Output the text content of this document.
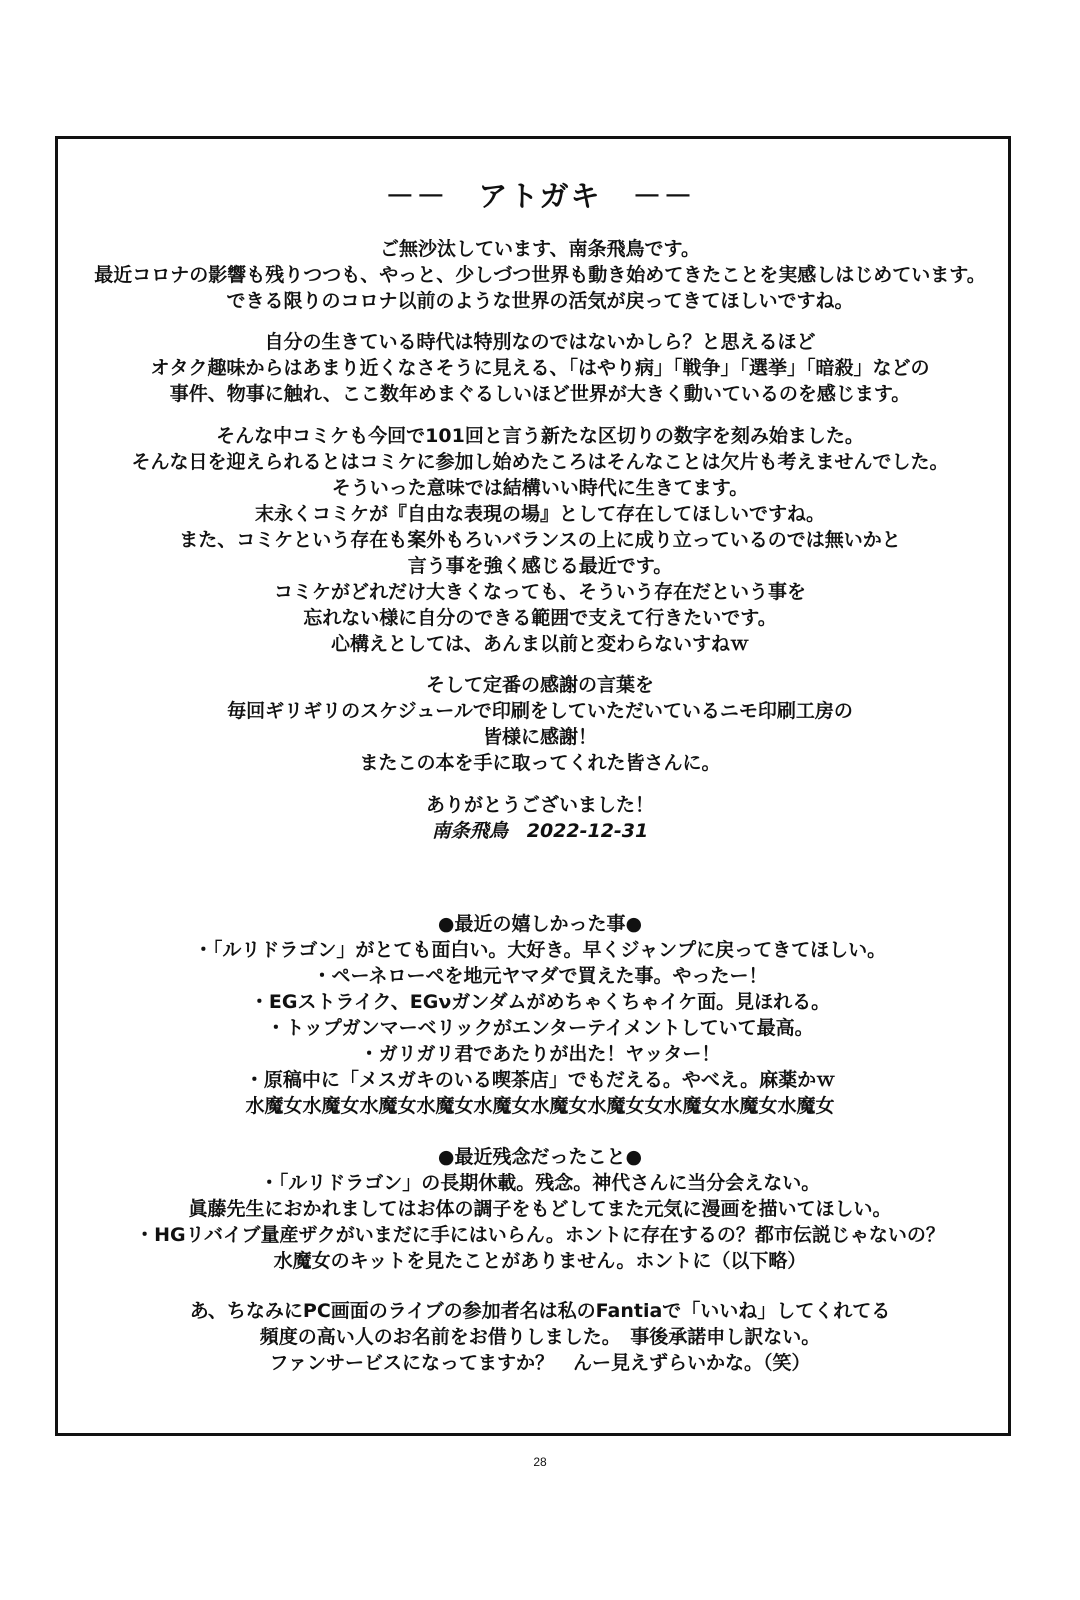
－－　アトガキ　－－
ご無沙汰しています、南条飛鳥です。
最近コロナの影響も残りつつも、やっと、少しづつ世界も動き始めてきたことを実感しはじめています。
できる限りのコロナ以前のような世界の活気が戻ってきてほしいですね。
自分の生きている時代は特別なのではないかしら？と思えるほど
オタク趣味からはあまり近くなさそうに見える、「はやり病」「戦争」「選挙」「暗殺」などの
事件、物事に触れ、ここ数年めまぐるしいほど世界が大きく動いているのを感じます。
そんな中コミケも今回で101回と言う新たな区切りの数字を刻み始ました。
そんな日を迎えられるとはコミケに参加し始めたころはそんなことは欠片も考えませんでした。
そういった意味では結構いい時代に生きてます。
末永くコミケが『自由な表現の場』として存在してほしいですね。
また、コミケという存在も案外もろいバランスの上に成り立っているのでは無いかと
言う事を強く感じる最近です。
コミケがどれだけ大きくなっても、そういう存在だという事を
忘れない様に自分のできる範囲で支えて行きたいです。
心構えとしては、あんま以前と変わらないすねｗ
そして定番の感謝の言葉を
毎回ギリギリのスケジュールで印刷をしていただいているニモ印刷工房の
皆様に感謝！
またこの本を手に取ってくれた皆さんに。
ありがとうございました！
南条飛鳥　2022-12-31
●最近の嬉しかった事●
・「ルリドラゴン」がとても面白い。大好き。早くジャンプに戻ってきてほしい。
・ペーネローペを地元ヤマダで買えた事。やったー！
・EGストライク、EGνガンダムがめちゃくちゃイケ面。見ほれる。
・トップガンマーベリックがエンターテイメントしていて最高。
・ガリガリ君であたりが出た！ヤッター！
・原稿中に「メスガキのいる喫茶店」でもだえる。やべえ。麻薬かｗ
水魔女水魔女水魔女水魔女水魔女水魔女水魔女女水魔女水魔女水魔女
●最近残念だったこと●
・「ルリドラゴン」の長期休載。残念。神代さんに当分会えない。
眞藤先生におかれましてはお体の調子をもどしてまた元気に漫画を描いてほしい。
・HGリバイブ量産ザクがいまだに手にはいらん。ホントに存在するの？都市伝説じゃないの？
水魔女のキットを見たことがありません。ホントに（以下略）
あ、ちなみにPC画面のライブの参加者名は私のFantiaで「いいね」してくれてる
頻度の高い人のお名前をお借りしました。　事後承諾申し訳ない。
ファンサービスになってますか？　んー見えずらいかな。（笑）
28
